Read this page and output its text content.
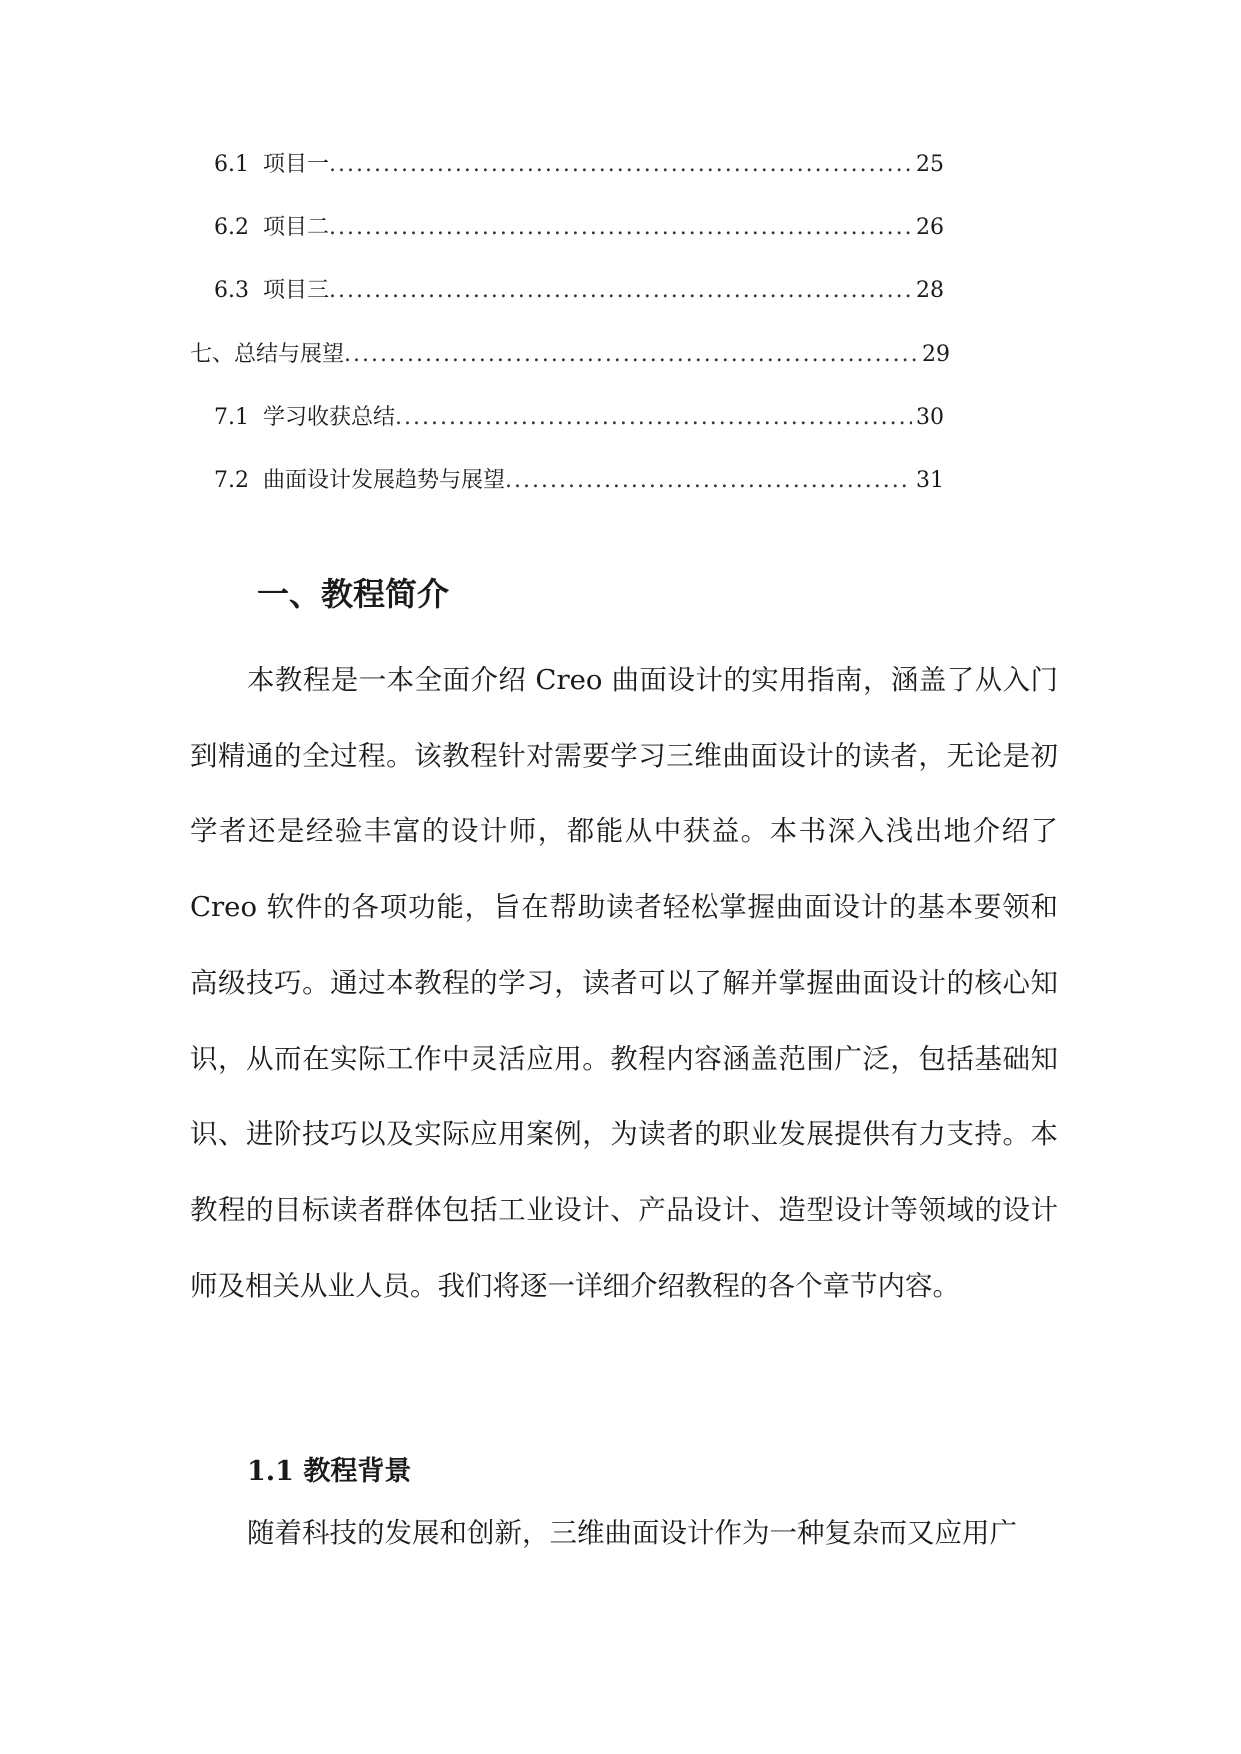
6.1 项目一 .....	25
6.2 项目二 .....	26
6.3 项目三 .....	28
七、总结与展望 .....	29
7.1 学习收获总结 .....	30
7.2 曲面设计发展趋势与展望 .....	31
一、教程简介

本教程是一本全面介绍 Creo 曲面设计的实用指南，涵盖了从入门到精通的全过程。该教程针对需要学习三维曲面设计的读者，无论是初学者还是经验丰富的设计师，都能从中获益。本书深入浅出地介绍了 Creo 软件的各项功能，旨在帮助读者轻松掌握曲面设计的基本要领和高级技巧。通过本教程的学习，读者可以了解并掌握曲面设计的核心知识，从而在实际工作中灵活应用。教程内容涵盖范围广泛，包括基础知识、进阶技巧以及实际应用案例，为读者的职业发展提供有力支持。本教程的目标读者群体包括工业设计、产品设计、造型设计等领域的设计师及相关从业人员。我们将逐一详细介绍教程的各个章节内容。

1.1 教程背景

随着科技的发展和创新，三维曲面设计作为一种复杂而又应用广
